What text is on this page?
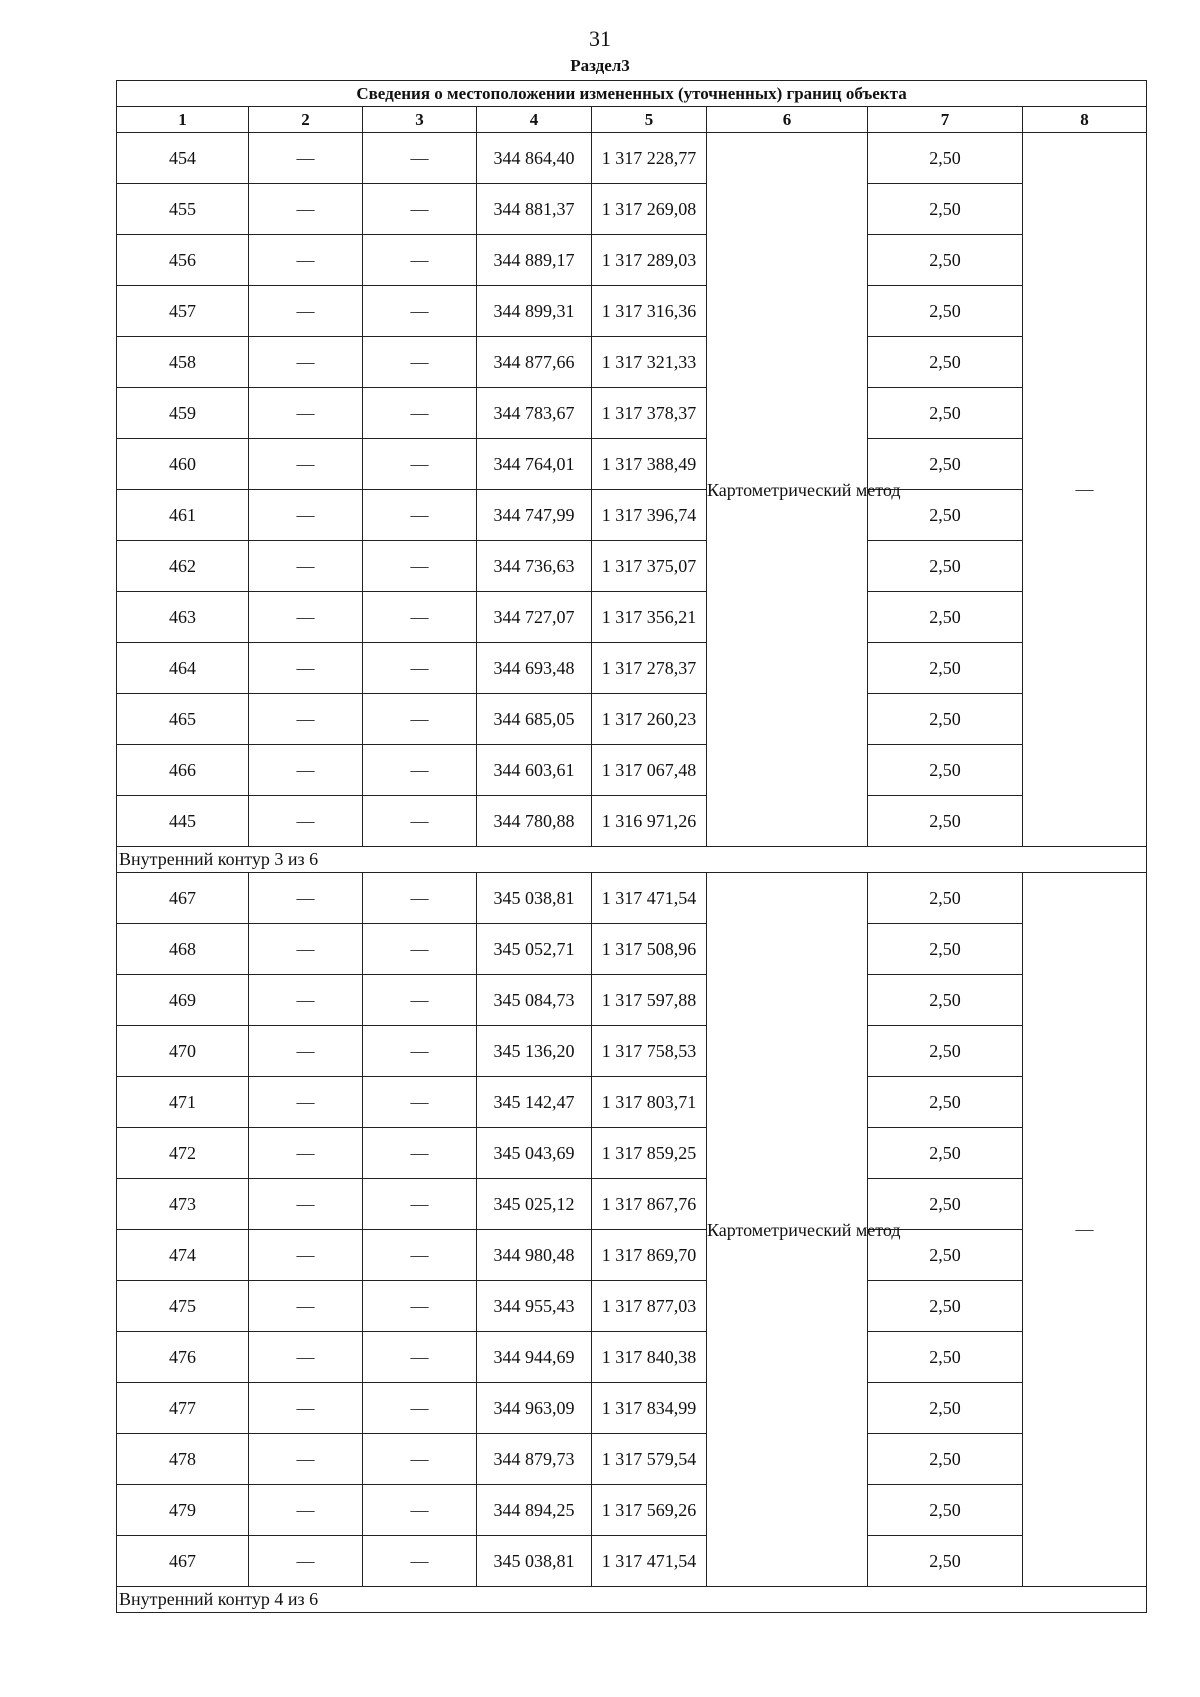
31
Раздел3
Сведения о местоположении измененных (уточненных) границ объекта							
1	2	3	4	5	6	7	8
454	—	—	344 864,40	1 317 228,77	Картометрический метод	2,50	—
455	—	—	344 881,37	1 317 269,08		2,50	
456	—	—	344 889,17	1 317 289,03		2,50	
457	—	—	344 899,31	1 317 316,36		2,50	
458	—	—	344 877,66	1 317 321,33		2,50	
459	—	—	344 783,67	1 317 378,37		2,50	
460	—	—	344 764,01	1 317 388,49		2,50	
461	—	—	344 747,99	1 317 396,74		2,50	
462	—	—	344 736,63	1 317 375,07		2,50	
463	—	—	344 727,07	1 317 356,21		2,50	
464	—	—	344 693,48	1 317 278,37		2,50	
465	—	—	344 685,05	1 317 260,23		2,50	
466	—	—	344 603,61	1 317 067,48		2,50	
445	—	—	344 780,88	1 316 971,26		2,50	
Внутренний контур 3 из 6							
467	—	—	345 038,81	1 317 471,54	Картометрический метод	2,50	—
468	—	—	345 052,71	1 317 508,96		2,50	
469	—	—	345 084,73	1 317 597,88		2,50	
470	—	—	345 136,20	1 317 758,53		2,50	
471	—	—	345 142,47	1 317 803,71		2,50	
472	—	—	345 043,69	1 317 859,25		2,50	
473	—	—	345 025,12	1 317 867,76		2,50	
474	—	—	344 980,48	1 317 869,70		2,50	
475	—	—	344 955,43	1 317 877,03		2,50	
476	—	—	344 944,69	1 317 840,38		2,50	
477	—	—	344 963,09	1 317 834,99		2,50	
478	—	—	344 879,73	1 317 579,54		2,50	
479	—	—	344 894,25	1 317 569,26		2,50	
467	—	—	345 038,81	1 317 471,54		2,50	
Внутренний контур 4 из 6							
